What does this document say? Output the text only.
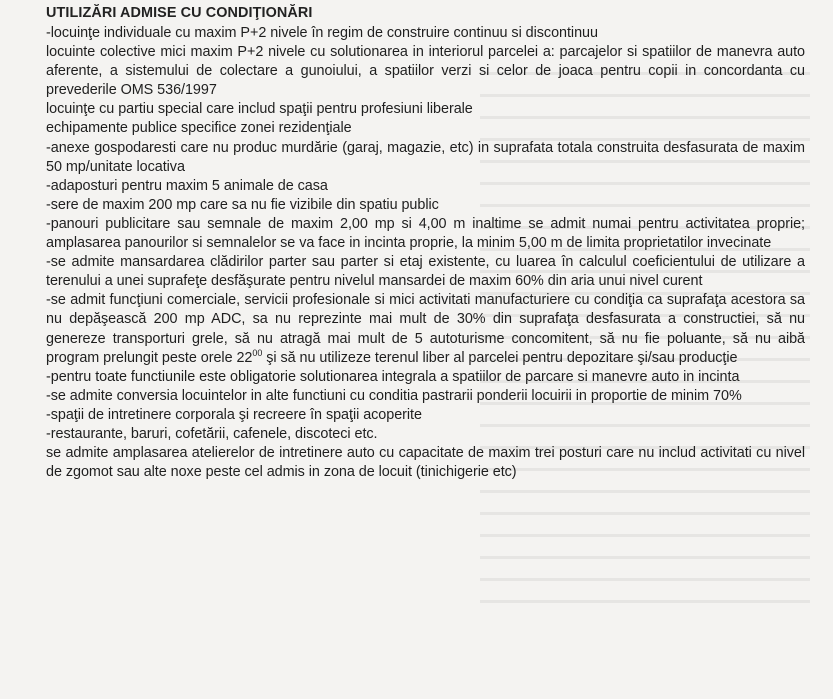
UTILIZĂRI ADMISE CU CONDIŢIONĂRI

-locuinţe individuale cu maxim P+2 nivele în regim de construire continuu si discontinuu

locuinte colective mici maxim P+2 nivele cu solutionarea in interiorul parcelei a: parcajelor si spatiilor de manevra auto aferente, a sistemului de colectare a gunoiului, a spatiilor verzi si celor de joaca pentru copii in concordanta cu prevederile OMS 536/1997

locuinţe cu partiu special care includ spaţii pentru profesiuni liberale

echipamente publice specifice zonei rezidenţiale

-anexe gospodaresti care nu produc murdărie (garaj, magazie, etc) in suprafata totala construita desfasurata de maxim 50 mp/unitate locativa

-adaposturi pentru maxim 5 animale de casa

-sere de maxim 200 mp care sa nu fie vizibile din spatiu public

-panouri publicitare sau semnale de maxim 2,00 mp si 4,00 m inaltime se admit numai pentru activitatea proprie; amplasarea panourilor si semnalelor se va face in incinta proprie, la minim 5,00 m de limita proprietatilor invecinate

-se admite mansardarea clădirilor parter sau parter si etaj existente, cu luarea în calculul coeficientului de utilizare a terenului a unei suprafeţe desfăşurate pentru nivelul mansardei de maxim 60% din aria unui nivel curent

-se admit funcţiuni comerciale, servicii profesionale si mici activitati manufacturiere cu condiţia ca suprafaţa acestora sa nu depăşească 200 mp ADC, sa nu reprezinte mai mult de 30% din suprafaţa desfasurata a constructiei, să nu genereze transporturi grele, să nu atragă mai mult de 5 autoturisme concomitent, să nu fie poluante, să nu aibă program prelungit peste orele $22^{00}$ şi să nu utilizeze terenul liber al parcelei pentru depozitare şi/sau producţie

-pentru toate functiunile este obligatorie solutionarea integrala a spatiilor de parcare si manevre auto in incinta

-se admite conversia locuintelor in alte functiuni cu conditia pastrarii ponderii locuirii in proportie de minim 70%

-spaţii de intretinere corporala şi recreere în spaţii acoperite

-restaurante, baruri, cofetării, cafenele, discoteci etc.

se admite amplasarea atelierelor de intretinere auto cu capacitate de maxim trei posturi care nu includ activitati cu nivel de zgomot sau alte noxe peste cel admis in zona de locuit (tinichigerie etc)
